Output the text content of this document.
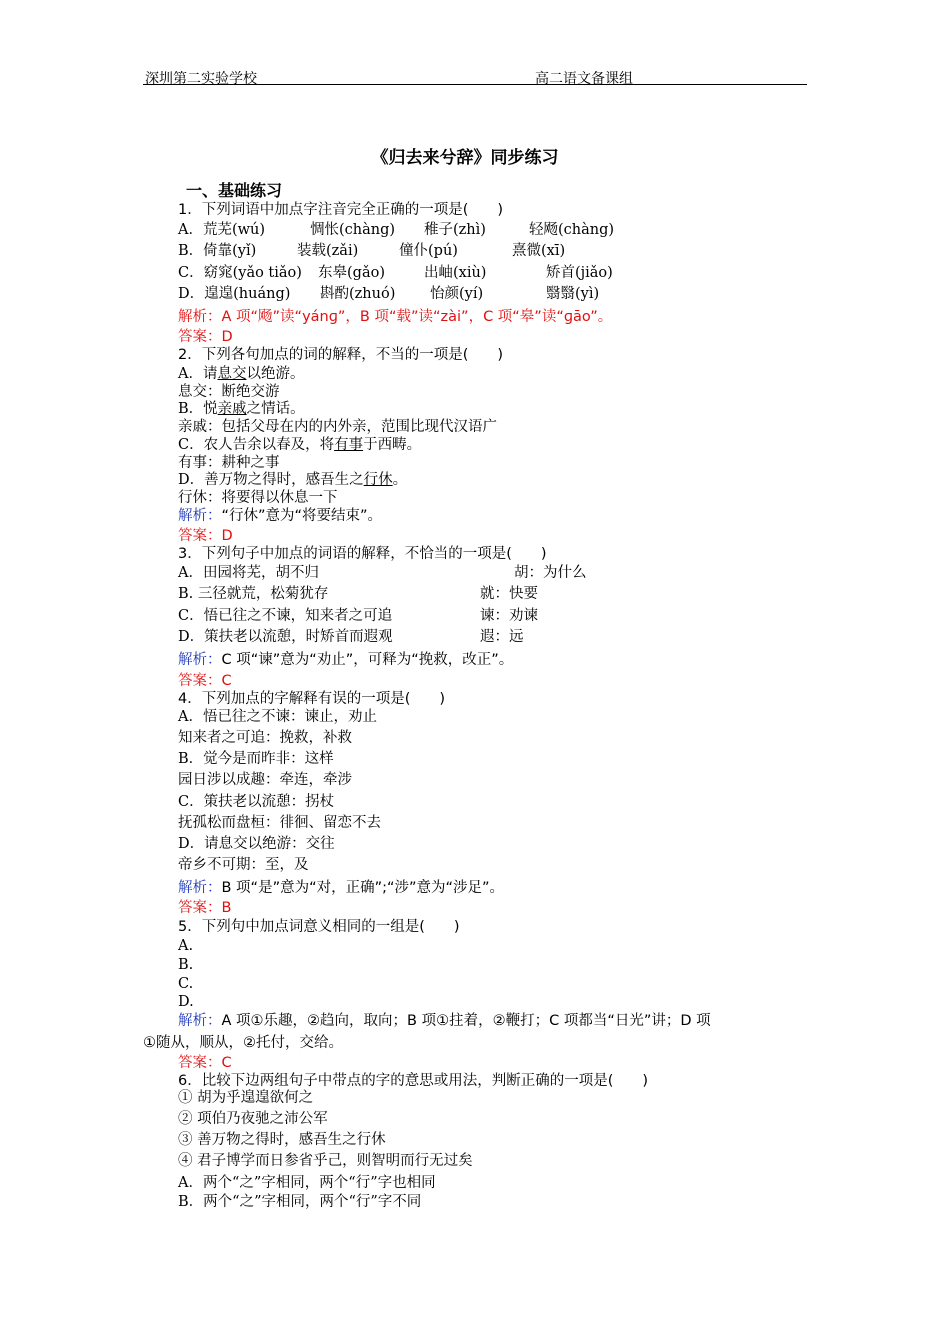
深圳第二实验学校	高二语文备课组
《归去来兮辞》同步练习
一、基础练习
1．下列词语中加点字注音完全正确的一项是(　　)
A．荒芜(wú)	惆怅(chàng) 稚子(zhì)	轻飏(chàng)
B．倚靠(yǐ)	装载(zǎi)	僮仆(pú)	熹微(xī)
C．窈窕(yǎo tiǎo) 东皋(gǎo)	出岫(xiù)	矫首(jiǎo)
D．遑遑(huáng) 斟酌(zhuó) 怡颜(yí)	翳翳(yì)
解析：A 项“飏”读“yánɡ”，B 项“载”读“zài”，C 项“皋”读“ɡāo”。
答案：D
2．下列各句加点的词的解释，不当的一项是(　　)
A．请息交以绝游。
息交：断绝交游
B．悦亲戚之情话。
亲戚：包括父母在内的内外亲，范围比现代汉语广
C．农人告余以春及，将有事于西畴。
有事：耕种之事
D．善万物之得时，感吾生之行休。
行休：将要得以休息一下
解析：“行休”意为“将要结束”。
答案：D
3．下列句子中加点的词语的解释，不恰当的一项是(　　)
A．田园将芜，胡不归	胡：为什么
B. 三径就荒，松菊犹存	就：快要
C．悟已往之不谏，知来者之可追	谏：劝谏
D．策扶老以流憩，时矫首而遐观	遐：远
解析：C 项“谏”意为“劝止”，可释为“挽救，改正”。
答案：C
4．下列加点的字解释有误的一项是(　　)
A．悟已往之不谏：谏止，劝止
知来者之可追：挽救，补救
B．觉今是而昨非：这样
园日涉以成趣：牵连，牵涉
C．策扶老以流憩：拐杖
抚孤松而盘桓：徘徊、留恋不去
D．请息交以绝游：交往
帝乡不可期：至，及
解析：B 项“是”意为“对，正确”;“涉”意为“涉足”。
答案：B
5．下列句中加点词意义相同的一组是(　　)
A.
B.
C.
D.
解析：A 项①乐趣，②趋向，取向；B 项①拄着，②鞭打；C 项都当“日光”讲；D 项
①随从，顺从，②托付，交给。
答案：C
6．比较下边两组句子中带点的字的意思或用法，判断正确的一项是(　　)
① 胡为乎遑遑欲何之
② 项伯乃夜驰之沛公军
③ 善万物之得时，感吾生之行休
④ 君子博学而日参省乎己，则智明而行无过矣
A．两个“之”字相同，两个“行”字也相同
B．两个“之”字相同，两个“行”字不同
